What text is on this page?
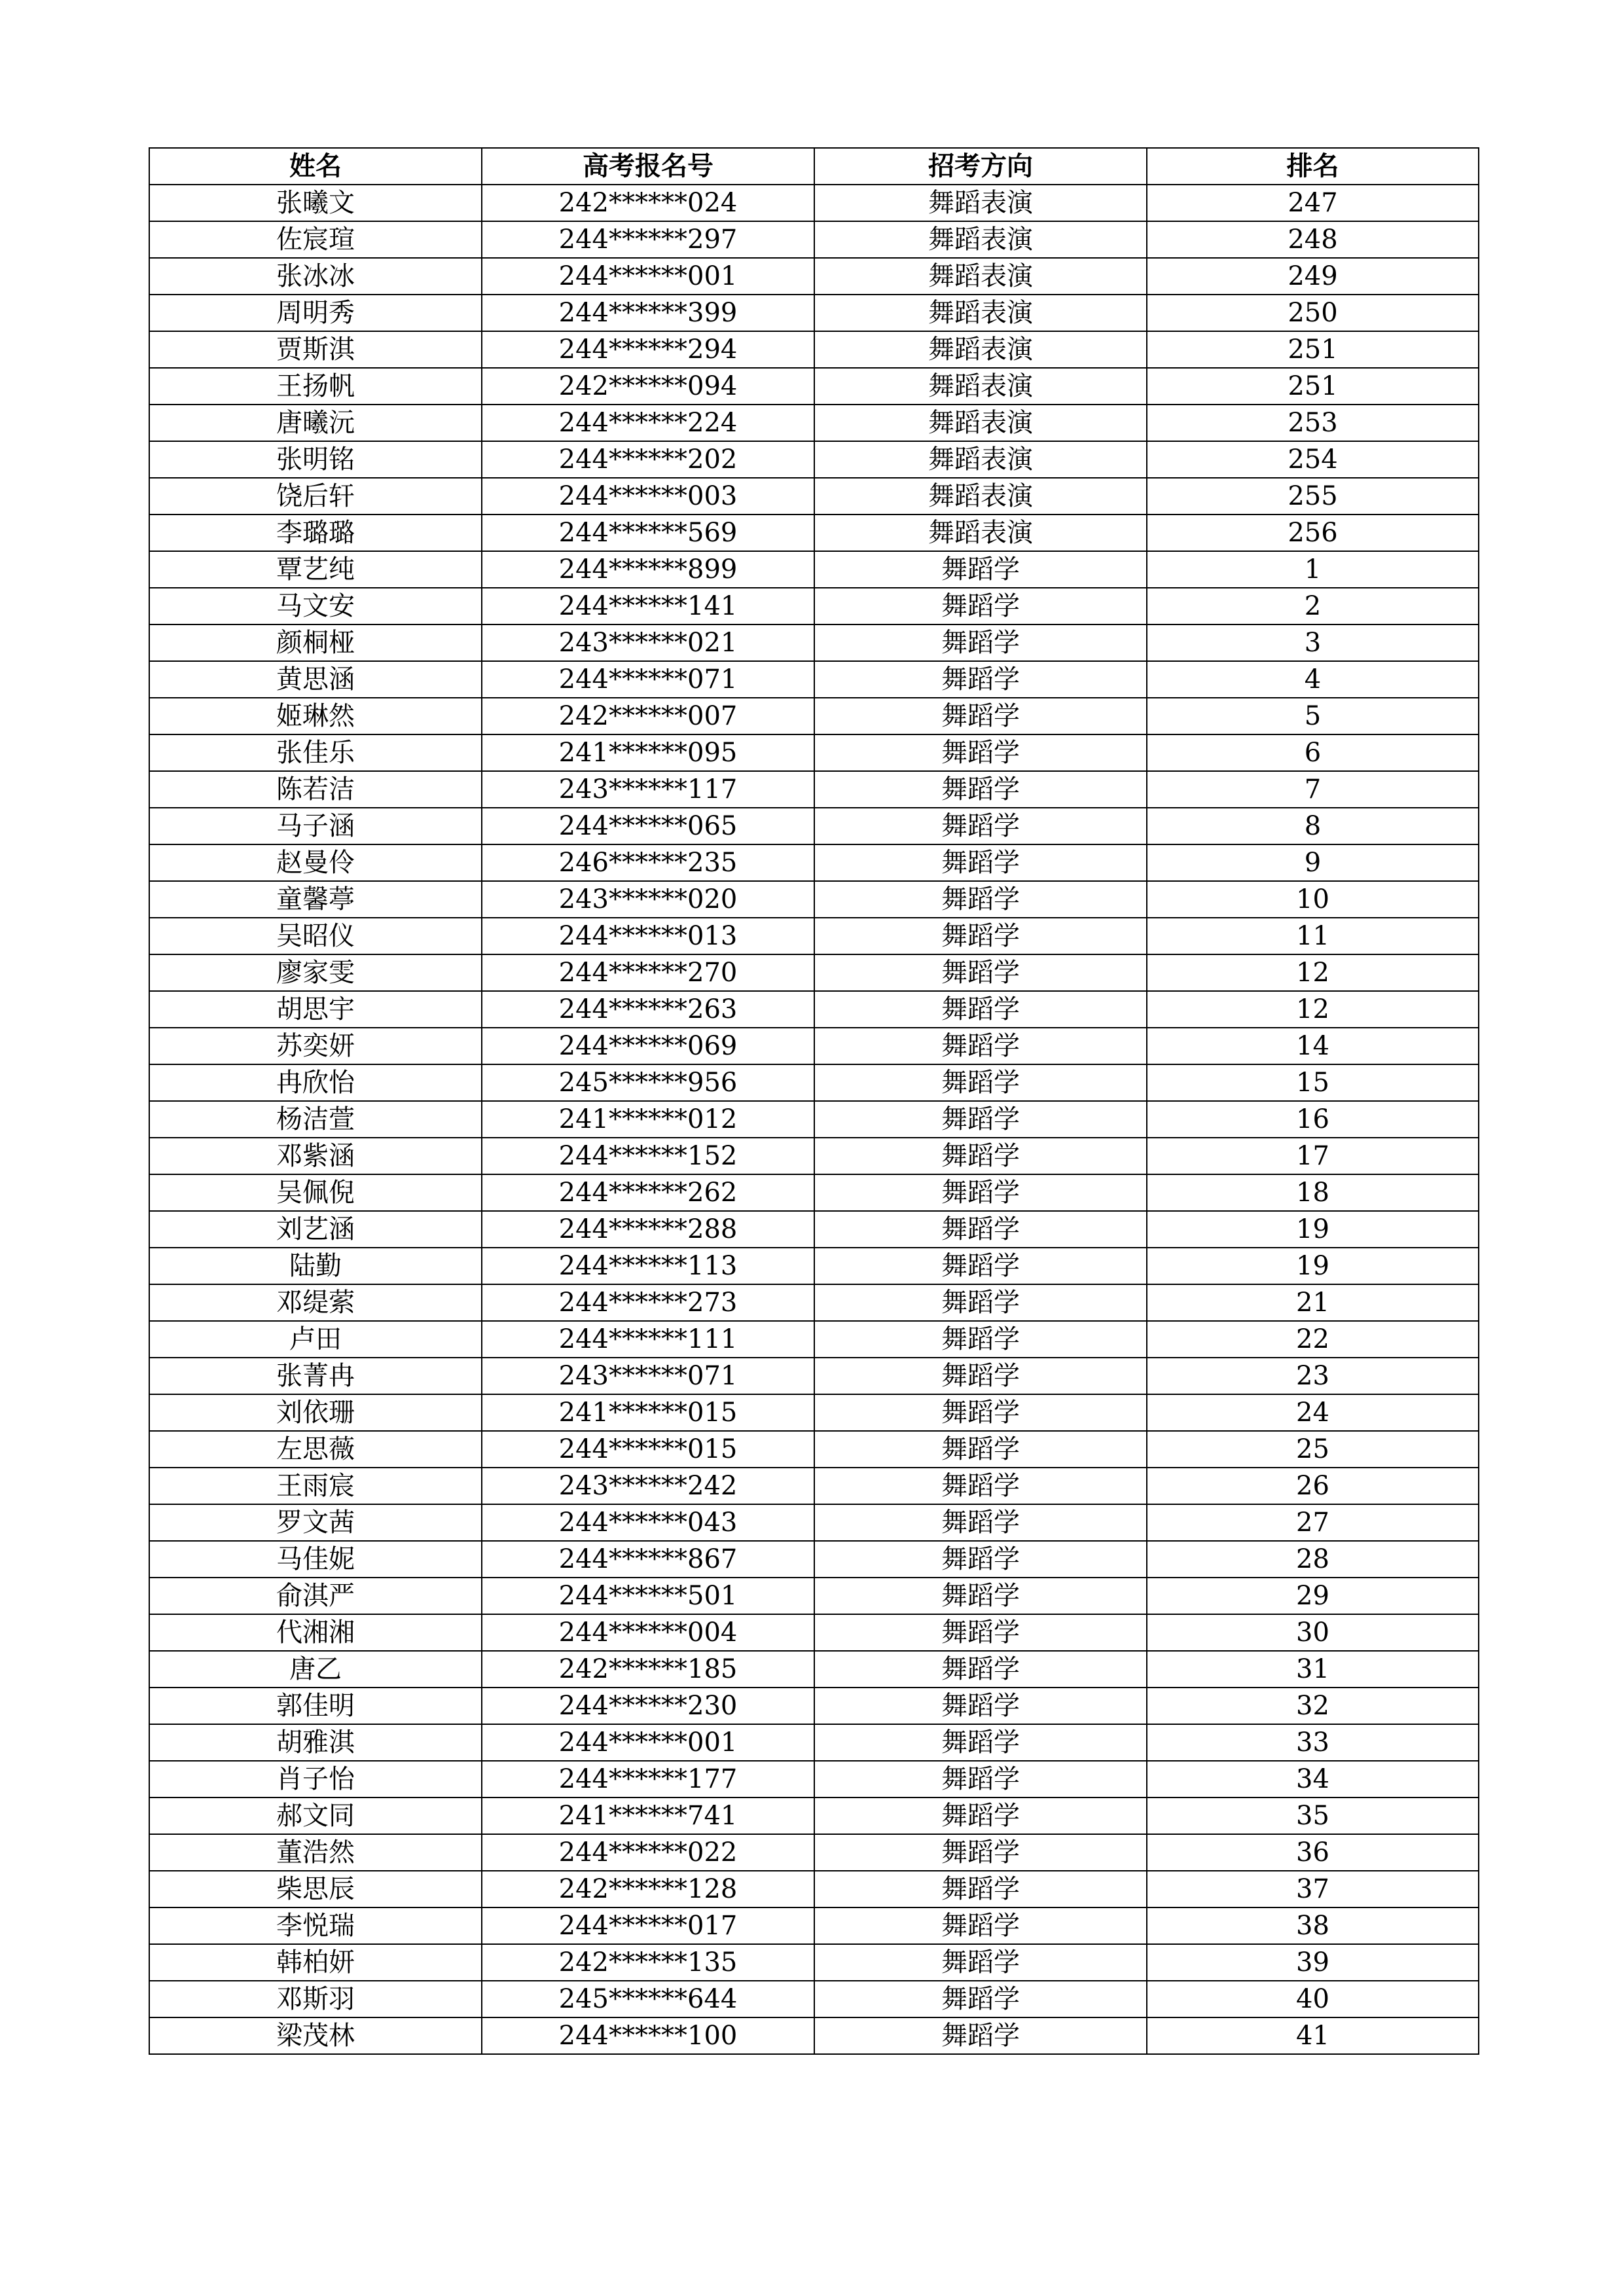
姓名	高考报名号	招考方向	排名
张曦文	242******024	舞蹈表演	247
佐宸瑄	244******297	舞蹈表演	248
张冰冰	244******001	舞蹈表演	249
周明秀	244******399	舞蹈表演	250
贾斯淇	244******294	舞蹈表演	251
王扬帆	242******094	舞蹈表演	251
唐曦沅	244******224	舞蹈表演	253
张明铭	244******202	舞蹈表演	254
饶后轩	244******003	舞蹈表演	255
李璐璐	244******569	舞蹈表演	256
覃艺纯	244******899	舞蹈学	1
马文安	244******141	舞蹈学	2
颜桐桠	243******021	舞蹈学	3
黄思涵	244******071	舞蹈学	4
姬琳然	242******007	舞蹈学	5
张佳乐	241******095	舞蹈学	6
陈若洁	243******117	舞蹈学	7
马子涵	244******065	舞蹈学	8
赵曼伶	246******235	舞蹈学	9
童馨葶	243******020	舞蹈学	10
吴昭仪	244******013	舞蹈学	11
廖家雯	244******270	舞蹈学	12
胡思宇	244******263	舞蹈学	12
苏奕妍	244******069	舞蹈学	14
冉欣怡	245******956	舞蹈学	15
杨洁萱	241******012	舞蹈学	16
邓紫涵	244******152	舞蹈学	17
吴佩倪	244******262	舞蹈学	18
刘艺涵	244******288	舞蹈学	19
陆勤	244******113	舞蹈学	19
邓缇萦	244******273	舞蹈学	21
卢田	244******111	舞蹈学	22
张菁冉	243******071	舞蹈学	23
刘依珊	241******015	舞蹈学	24
左思薇	244******015	舞蹈学	25
王雨宸	243******242	舞蹈学	26
罗文茜	244******043	舞蹈学	27
马佳妮	244******867	舞蹈学	28
俞淇严	244******501	舞蹈学	29
代湘湘	244******004	舞蹈学	30
唐乙	242******185	舞蹈学	31
郭佳明	244******230	舞蹈学	32
胡雅淇	244******001	舞蹈学	33
肖子怡	244******177	舞蹈学	34
郝文同	241******741	舞蹈学	35
董浩然	244******022	舞蹈学	36
柴思辰	242******128	舞蹈学	37
李悦瑞	244******017	舞蹈学	38
韩柏妍	242******135	舞蹈学	39
邓斯羽	245******644	舞蹈学	40
梁茂林	244******100	舞蹈学	41
